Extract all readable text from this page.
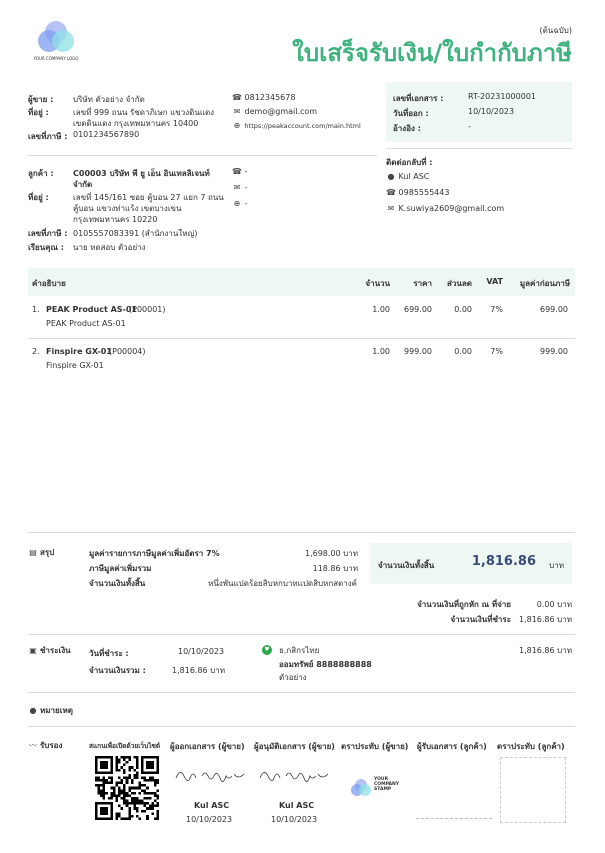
YOUR COMPANY LOGO
(ต้นฉบับ)
ใบเสร็จรับเงิน/ใบกำกับภาษี
ผู้ขาย :	บริษัท ตัวอย่าง จำกัด
ที่อยู่ :	เลขที่ 999 ถนน รัชดาภิเษก แขวงดินแดง
เขตดินแดง กรุงเทพมหานคร 10400
เลขที่ภาษี : 0101234567890
☎ 0812345678
✉ demo@gmail.com
⊕ https://peakaccount.com/main.html
เลขที่เอกสาร :	RT-20231000001
วันที่ออก :	10/10/2023
อ้างอิง :	-
ลูกค้า :	C00003 บริษัท พี ยู เอ็น อินเทลลิเจนท์
จำกัด
ที่อยู่ :	เลขที่ 145/161 ซอย คู้บอน 27 แยก 7 ถนน
คู้บอน แขวงท่าแร้ง เขตบางเขน
กรุงเทพมหานคร 10220
เลขที่ภาษี : 0105557083391 (สำนักงานใหญ่)
เรียนคุณ :	นาย ทดสอบ ตัวอย่าง
☎ -
✉ -
⊕ -
ติดต่อกลับที่ :
● Kul ASC
☎ 0985555443
✉ K.suwiya2609@gmail.com
คำอธิบาย	จำนวน	ราคา ส่วนลด VAT มูลค่าก่อนภาษี
1. PEAK Product AS-01
(P00001)
PEAK Product AS-01
1.00 699.00	0.00 7%	699.00
2. Finspire GX-01
(P00004)
Finspire GX-01
1.00 999.00	0.00 7%	999.00
▤ สรุป	มูลค่ารายการภาษีมูลค่าเพิ่มอัตรา 7%	1,698.00 บาท
ภาษีมูลค่าเพิ่มรวม	118.86 บาท
จำนวนเงินทั้งสิ้น	หนึ่งพันแปดร้อยสิบหกบาทแปดสิบหกสตางค์
จำนวนเงินทั้งสิ้น	1,816.86 บาท
จำนวนเงินที่ถูกหัก ณ ที่จ่าย	0.00 บาท
จำนวนเงินที่ชำระ 1,816.86 บาท
▣ ชำระเงิน วันที่ชำระ :	10/10/2023
จำนวนเงินรวม :	1,816.86 บาท
♥ ธ.กสิกรไทย
ออมทรัพย์ 8888888888
ตัวอย่าง
1,816.86 บาท
● หมายเหตุ
〰 รับรอง	สแกนเพื่อเปิดด้วยเว็บไซต์ ผู้ออกเอกสาร (ผู้ขาย) ผู้อนุมัติเอกสาร (ผู้ขาย) ตราประทับ (ผู้ขาย) ผู้รับเอกสาร (ลูกค้า) ตราประทับ (ลูกค้า)
Kul ASC
10/10/2023
Kul ASC
10/10/2023
YOUR
COMPANY
STAMP
